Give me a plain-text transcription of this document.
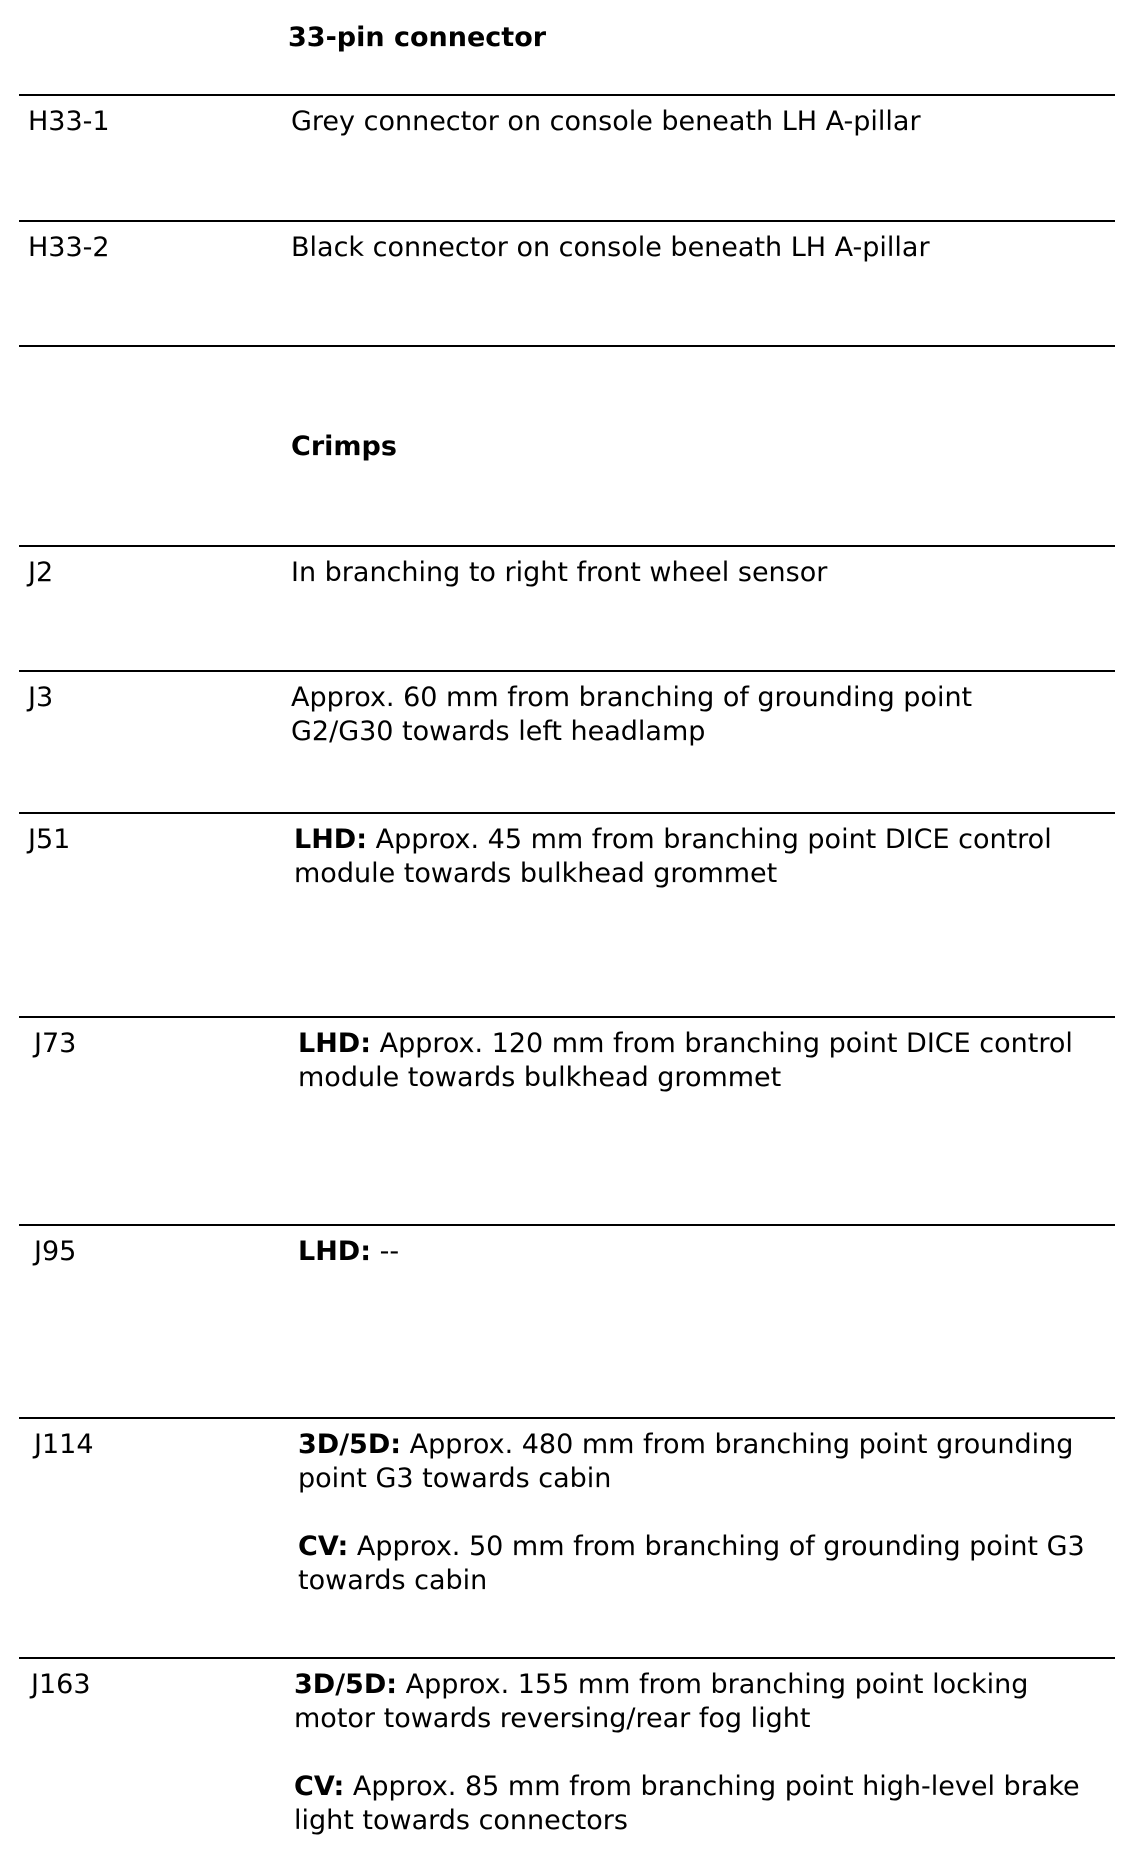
33-pin connector
Crimps
H33-1	Grey connector on console beneath LH A-pillar

H33-2	Black connector on console beneath LH A-pillar

J2	In branching to right front wheel sensor

J3	Approx. 60 mm from branching of grounding point G2/G30 towards left headlamp

J51	LHD: Approx. 45 mm from branching point DICE control module towards bulkhead grommet

J73	LHD: Approx. 120 mm from branching point DICE control module towards bulkhead grommet

J95	LHD: --

J114	3D/5D: Approx. 480 mm from branching point grounding point G3 towards cabin

CV: Approx. 50 mm from branching of grounding point G3 towards cabin

J163	3D/5D: Approx. 155 mm from branching point locking motor towards reversing/rear fog light

CV: Approx. 85 mm from branching point high-level brake light towards connectors
